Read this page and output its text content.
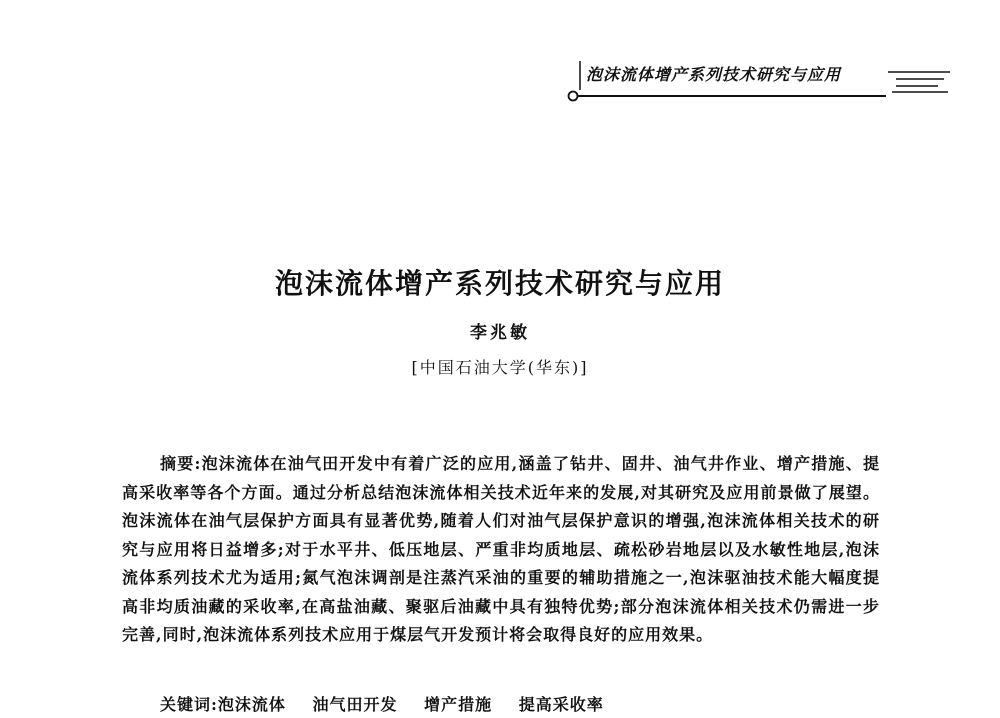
泡沫流体增产系列技术研究与应用
泡沫流体增产系列技术研究与应用
李兆敏
[中国石油大学(华东)]
摘要:泡沫流体在油气田开发中有着广泛的应用,涵盖了钻井、固井、油气井作业、增产措施、提高采收率等各个方面。通过分析总结泡沫流体相关技术近年来的发展,对其研究及应用前景做了展望。泡沫流体在油气层保护方面具有显著优势,随着人们对油气层保护意识的增强,泡沫流体相关技术的研究与应用将日益增多;对于水平井、低压地层、严重非均质地层、疏松砂岩地层以及水敏性地层,泡沫流体系列技术尤为适用;氮气泡沫调剖是注蒸汽采油的重要的辅助措施之一,泡沫驱油技术能大幅度提高非均质油藏的采收率,在高盐油藏、聚驱后油藏中具有独特优势;部分泡沫流体相关技术仍需进一步完善,同时,泡沫流体系列技术应用于煤层气开发预计将会取得良好的应用效果。
关键词:泡沫流体 油气田开发 增产措施 提高采收率
